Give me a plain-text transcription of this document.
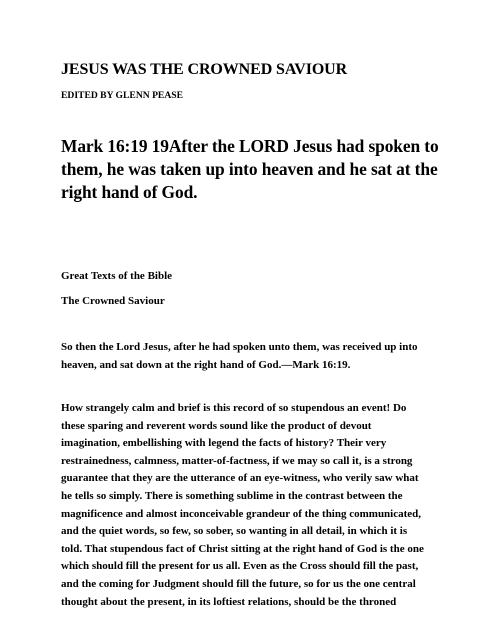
JESUS WAS THE CROWNED SAVIOUR
EDITED BY GLENN PEASE
Mark 16:19 19After the LORD Jesus had spoken to
them, he was taken up into heaven and he sat at the
right hand of God.
Great Texts of the Bible
The Crowned Saviour
So then the Lord Jesus, after he had spoken unto them, was received up into
heaven, and sat down at the right hand of God.—Mark 16:19.
How strangely calm and brief is this record of so stupendous an event! Do
these sparing and reverent words sound like the product of devout
imagination, embellishing with legend the facts of history? Their very
restrainedness, calmness, matter-of-factness, if we may so call it, is a strong
guarantee that they are the utterance of an eye-witness, who verily saw what
he tells so simply. There is something sublime in the contrast between the
magnificence and almost inconceivable grandeur of the thing communicated,
and the quiet words, so few, so sober, so wanting in all detail, in which it is
told. That stupendous fact of Christ sitting at the right hand of God is the one
which should fill the present for us all. Even as the Cross should fill the past,
and the coming for Judgment should fill the future, so for us the one central
thought about the present, in its loftiest relations, should be the throned
